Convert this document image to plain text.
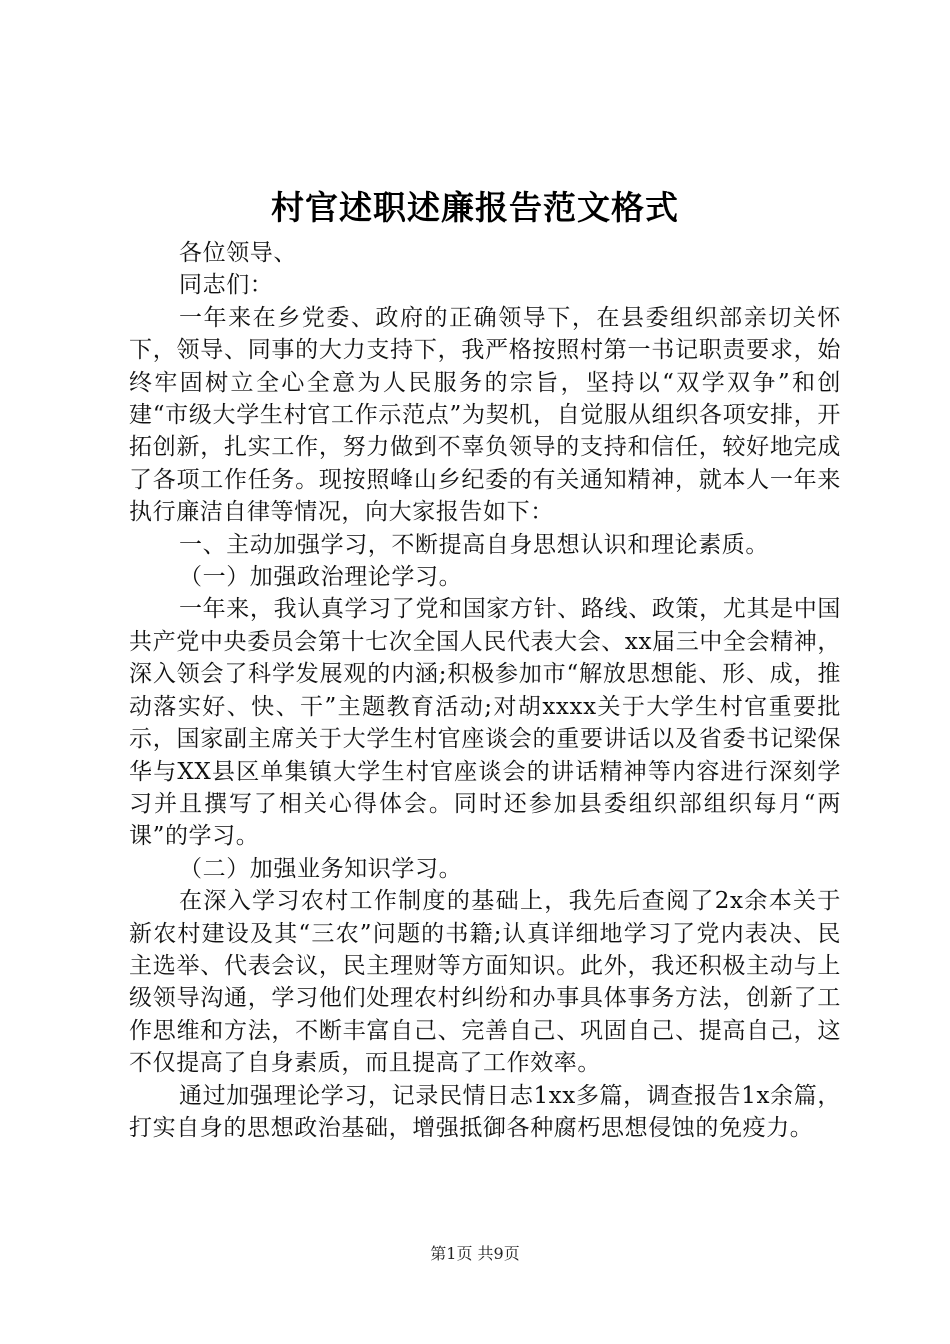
村官述职述廉报告范文格式

各位领导、

同志们：

一年来在乡党委、政府的正确领导下，在县委组织部亲切关怀下，领导、同事的大力支持下，我严格按照村第一书记职责要求，始终牢固树立全心全意为人民服务的宗旨，坚持以“双学双争”和创建“市级大学生村官工作示范点”为契机，自觉服从组织各项安排，开拓创新，扎实工作，努力做到不辜负领导的支持和信任，较好地完成了各项工作任务。现按照峰山乡纪委的有关通知精神，就本人一年来执行廉洁自律等情况，向大家报告如下：

一、主动加强学习，不断提高自身思想认识和理论素质。

（一）加强政治理论学习。

一年来，我认真学习了党和国家方针、路线、政策，尤其是中国共产党中央委员会第十七次全国人民代表大会、xx届三中全会精神，深入领会了科学发展观的内涵;积极参加市“解放思想能、形、成，推动落实好、快、干”主题教育活动;对胡xxxx关于大学生村官重要批示，国家副主席关于大学生村官座谈会的重要讲话以及省委书记梁保华与XX县区单集镇大学生村官座谈会的讲话精神等内容进行深刻学习并且撰写了相关心得体会。同时还参加县委组织部组织每月“两课”的学习。

（二）加强业务知识学习。

在深入学习农村工作制度的基础上，我先后查阅了2x余本关于新农村建设及其“三农”问题的书籍;认真详细地学习了党内表决、民主选举、代表会议，民主理财等方面知识。此外，我还积极主动与上级领导沟通，学习他们处理农村纠纷和办事具体事务方法，创新了工作思维和方法，不断丰富自己、完善自己、巩固自己、提高自己，这不仅提高了自身素质，而且提高了工作效率。

通过加强理论学习，记录民情日志1xx多篇，调查报告1x余篇，打实自身的思想政治基础，增强抵御各种腐朽思想侵蚀的免疫力。

第1页 共9页
